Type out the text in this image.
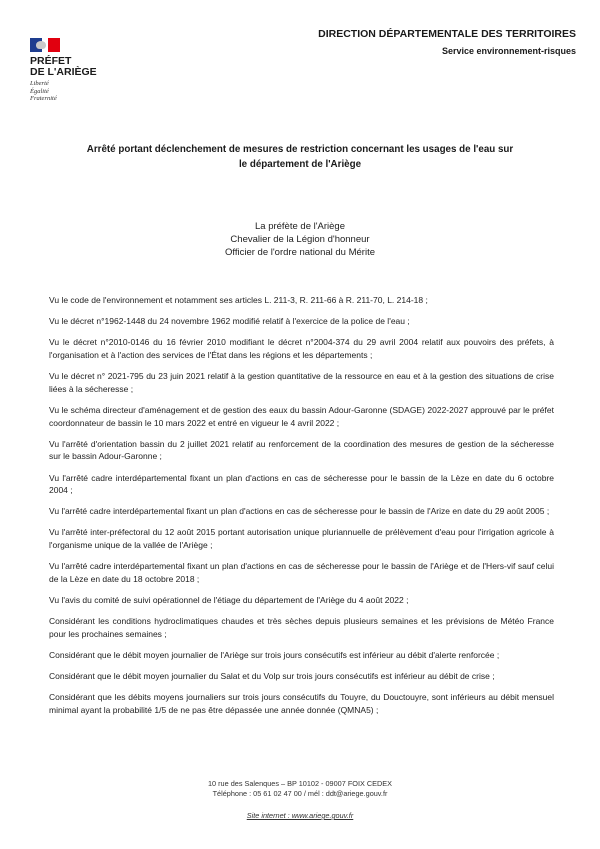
PRÉFET
DE L'ARIÈGE
Liberté
Égalité
Fraternité
DIRECTION DÉPARTEMENTALE DES TERRITOIRES
Service environnement-risques
Arrêté portant déclenchement de mesures de restriction concernant les usages de l'eau sur
le département de l'Ariège
La préfète de l'Ariège
Chevalier de la Légion d'honneur
Officier de l'ordre national du Mérite

Vu le code de l'environnement et notamment ses articles L. 211-3, R. 211-66 à R. 211-70, L. 214-18 ;

Vu le décret n°1962-1448 du 24 novembre 1962 modifié relatif à l'exercice de la police de l'eau ;

Vu le décret n°2010-0146 du 16 février 2010 modifiant le décret n°2004-374 du 29 avril 2004 relatif aux pouvoirs des préfets, à l'organisation et à l'action des services de l'État dans les régions et les départements ;

Vu le décret n° 2021-795 du 23 juin 2021 relatif à la gestion quantitative de la ressource en eau et à la gestion des situations de crise liées à la sécheresse ;

Vu le schéma directeur d'aménagement et de gestion des eaux du bassin Adour-Garonne (SDAGE) 2022-2027 approuvé par le préfet coordonnateur de bassin le 10 mars 2022 et entré en vigueur le 4 avril 2022 ;

Vu l'arrêté d'orientation bassin du 2 juillet 2021 relatif au renforcement de la coordination des mesures de gestion de la sécheresse sur le bassin Adour-Garonne ;

Vu l'arrêté cadre interdépartemental fixant un plan d'actions en cas de sécheresse pour le bassin de la Lèze en date du 6 octobre 2004 ;

Vu l'arrêté cadre interdépartemental fixant un plan d'actions en cas de sécheresse pour le bassin de l'Arize en date du 29 août 2005 ;

Vu l'arrêté inter-préfectoral du 12 août 2015 portant autorisation unique pluriannuelle de prélèvement d'eau pour l'irrigation agricole à l'organisme unique de la vallée de l'Ariège ;

Vu l'arrêté cadre interdépartemental fixant un plan d'actions en cas de sécheresse pour le bassin de l'Ariège et de l'Hers-vif sauf celui de la Lèze en date du 18 octobre 2018 ;

Vu l'avis du comité de suivi opérationnel de l'étiage du département de l'Ariège du 4 août 2022 ;

Considérant les conditions hydroclimatiques chaudes et très sèches depuis plusieurs semaines et les prévisions de Météo France pour les prochaines semaines ;

Considérant que le débit moyen journalier de l'Ariège sur trois jours consécutifs est inférieur au débit d'alerte renforcée ;

Considérant que le débit moyen journalier du Salat et du Volp sur trois jours consécutifs est inférieur au débit de crise ;

Considérant que les débits moyens journaliers sur trois jours consécutifs du Touyre, du Douctouyre, sont inférieurs au débit mensuel minimal ayant la probabilité 1/5 de ne pas être dépassée une année donnée (QMNA5) ;

10 rue des Salenques – BP 10102 - 09007 FOIX CEDEX
Téléphone : 05 61 02 47 00 / mél : ddt@ariege.gouv.fr
Site internet : www.ariege.gouv.fr
